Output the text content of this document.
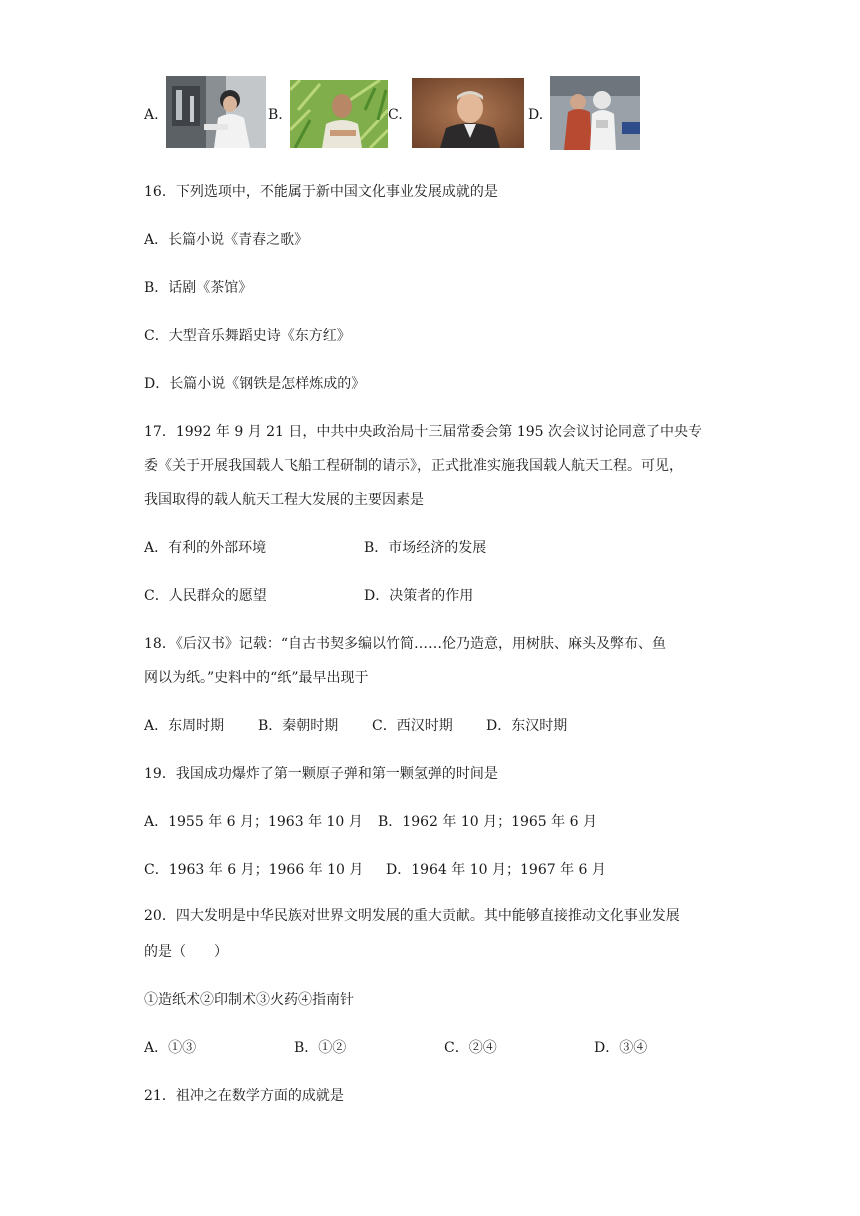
A.	B.	C.	D.
16．下列选项中，不能属于新中国文化事业发展成就的是
A．长篇小说《青春之歌》
B．话剧《茶馆》
C．大型音乐舞蹈史诗《东方红》
D．长篇小说《钢铁是怎样炼成的》
17．1992 年 9 月 21 日，中共中央政治局十三届常委会第 195 次会议讨论同意了中央专
委《关于开展我国载人飞船工程研制的请示》，正式批准实施我国载人航天工程。可见，
我国取得的载人航天工程大发展的主要因素是
A．有利的外部环境	B．市场经济的发展
C．人民群众的愿望	D．决策者的作用
18．《后汉书》记载：“自古书契多编以竹简……伦乃造意，用树肤、麻头及弊布、鱼
网以为纸。”史料中的“纸”最早出现于
A．东周时期 B．秦朝时期 C．西汉时期 D．东汉时期
19．我国成功爆炸了第一颗原子弹和第一颗氢弹的时间是
A．1955 年 6 月；1963 年 10 月 B．1962 年 10 月；1965 年 6 月
C．1963 年 6 月；1966 年 10 月 D．1964 年 10 月；1967 年 6 月
20．四大发明是中华民族对世界文明发展的重大贡献。其中能够直接推动文化事业发展
的是（　　）
①造纸术②印制术③火药④指南针
A．①③	B．①②	C．②④	D．③④
21．祖冲之在数学方面的成就是
